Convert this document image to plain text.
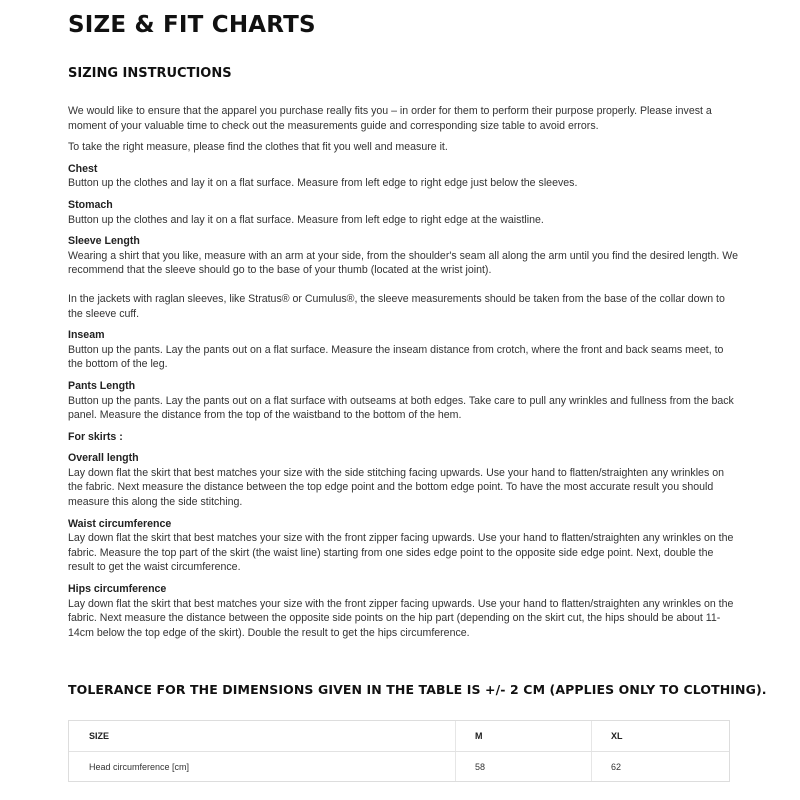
SIZE & FIT CHARTS
SIZING INSTRUCTIONS

We would like to ensure that the apparel you purchase really fits you – in order for them to perform their purpose properly. Please invest a moment of your valuable time to check out the measurements guide and corresponding size table to avoid errors.

To take the right measure, please find the clothes that fit you well and measure it.

Chest

Button up the clothes and lay it on a flat surface. Measure from left edge to right edge just below the sleeves.

Stomach

Button up the clothes and lay it on a flat surface. Measure from left edge to right edge at the waistline.

Sleeve Length

Wearing a shirt that you like, measure with an arm at your side, from the shoulder's seam all along the arm until you find the desired length. We recommend that the sleeve should go to the base of your thumb (located at the wrist joint).

In the jackets with raglan sleeves, like Stratus® or Cumulus®, the sleeve measurements should be taken from the base of the collar down to the sleeve cuff.

Inseam

Button up the pants. Lay the pants out on a flat surface. Measure the inseam distance from crotch, where the front and back seams meet, to the bottom of the leg.

Pants Length

Button up the pants. Lay the pants out on a flat surface with outseams at both edges. Take care to pull any wrinkles and fullness from the back panel. Measure the distance from the top of the waistband to the bottom of the hem.

For skirts :

Overall length

Lay down flat the skirt that best matches your size with the side stitching facing upwards. Use your hand to flatten/straighten any wrinkles on the fabric. Next measure the distance between the top edge point and the bottom edge point. To have the most accurate result you should measure this along the side stitching.

Waist circumference

Lay down flat the skirt that best matches your size with the front zipper facing upwards. Use your hand to flatten/straighten any wrinkles on the fabric. Measure the top part of the skirt (the waist line) starting from one sides edge point to the opposite side edge point. Next, double the result to get the waist circumference.

Hips circumference

Lay down flat the skirt that best matches your size with the front zipper facing upwards. Use your hand to flatten/straighten any wrinkles on the fabric. Next measure the distance between the opposite side points on the hip part (depending on the skirt cut, the hips should be about 11-14cm below the top edge of the skirt). Double the result to get the hips circumference.

TOLERANCE FOR THE DIMENSIONS GIVEN IN THE TABLE IS +/- 2 CM (APPLIES ONLY TO CLOTHING).
SIZE	M	XL
Head circumference [cm]	58	62
